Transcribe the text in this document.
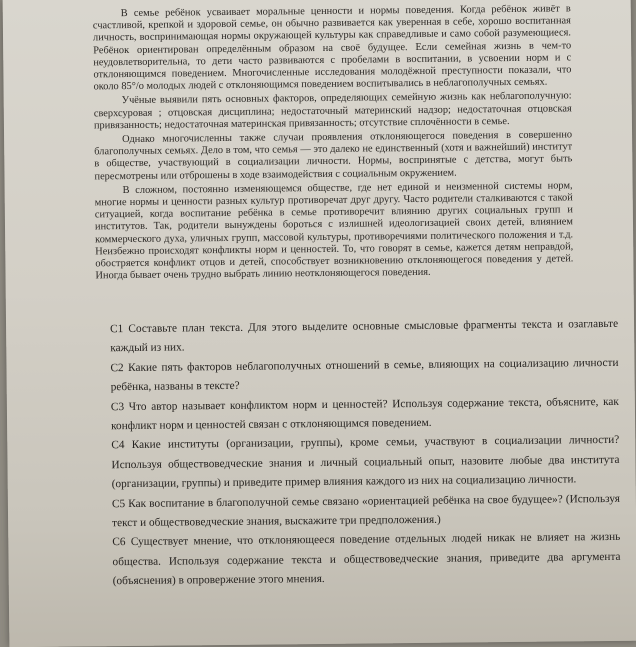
В семье ребёнок усваивает моральные ценности и нормы поведения. Когда ребёнок живёт в счастливой, крепкой и здоровой семье, он обычно развивается как уверенная в себе, хорошо воспитанная личность, воспринимающая нормы окружающей культуры как справедливые и само собой разумеющиеся. Ребёнок ориентирован определённым образом на своё будущее. Если семейная жизнь в чем-то неудовлетворительна, то дети часто развиваются с пробелами в воспитании, в усвоении норм и с отклоняющимся поведением. Многочисленные исследования молодёжной преступности показали, что около 85°/о молодых людей с отклоняющимся поведением воспитывались в неблагополучных семьях.

Учёные выявили пять основных факторов, определяющих семейную жизнь как неблагополучную: сверхсуровая ; отцовская дисциплина; недостаточный материнский надзор; недостаточная отцовская привязанность; недостаточная материнская привязанность; отсутствие сплочённости в семье.

Однако многочисленны также случаи проявления отклоняющегося поведения в совершенно благополучных семьях. Дело в том, что семья — это далеко не единственный (хотя и важнейший) институт в обществе, участвующий в социализации личности. Нормы, воспринятые с детства, могут быть пересмотрены или отброшены в ходе взаимодействия с социальным окружением.

В сложном, постоянно изменяющемся обществе, где нет единой и неизменной системы норм, многие нормы и ценности разных культур противоречат друг другу. Часто родители сталкиваются с такой ситуацией, когда воспитание ребёнка в семье противоречит влиянию других социальных групп и институтов. Так, родители вынуждены бороться с излишней идеологизацией своих детей, влиянием коммерческого духа, уличных групп, массовой культуры, противоречиями политического положения и т.д. Неизбежно происходят конфликты норм и ценностей. То, что говорят в семье, кажется детям неправдой, обостряется конфликт отцов и детей, способствует возникновению отклоняющегося поведения у детей. Иногда бывает очень трудно выбрать линию неотклоняющегося поведения.

С1 Составьте план текста. Для этого выделите основные смысловые фрагменты текста и озаглавьте каждый из них.
С2 Какие пять факторов неблагополучных отношений в семье, влияющих на социализацию личности ребёнка, названы в тексте?
С3 Что автор называет конфликтом норм и ценностей? Используя содержание текста, объясните, как конфликт норм и ценностей связан с отклоняющимся поведением.
С4 Какие институты (организации, группы), кроме семьи, участвуют в социализации личности? Используя обществоведческие знания и личный социальный опыт, назовите любые два института (организации, группы) и приведите пример влияния каждого из них на социализацию личности.
С5 Как воспитание в благополучной семье связано «ориентацией ребёнка на свое будущее»? (Используя текст и обществоведческие знания, выскажите три предположения.)
С6 Существует мнение, что отклоняющееся поведение отдельных людей никак не влияет на жизнь общества. Используя содержание текста и обществоведческие знания, приведите два аргумента (объяснения) в опровержение этого мнения.
